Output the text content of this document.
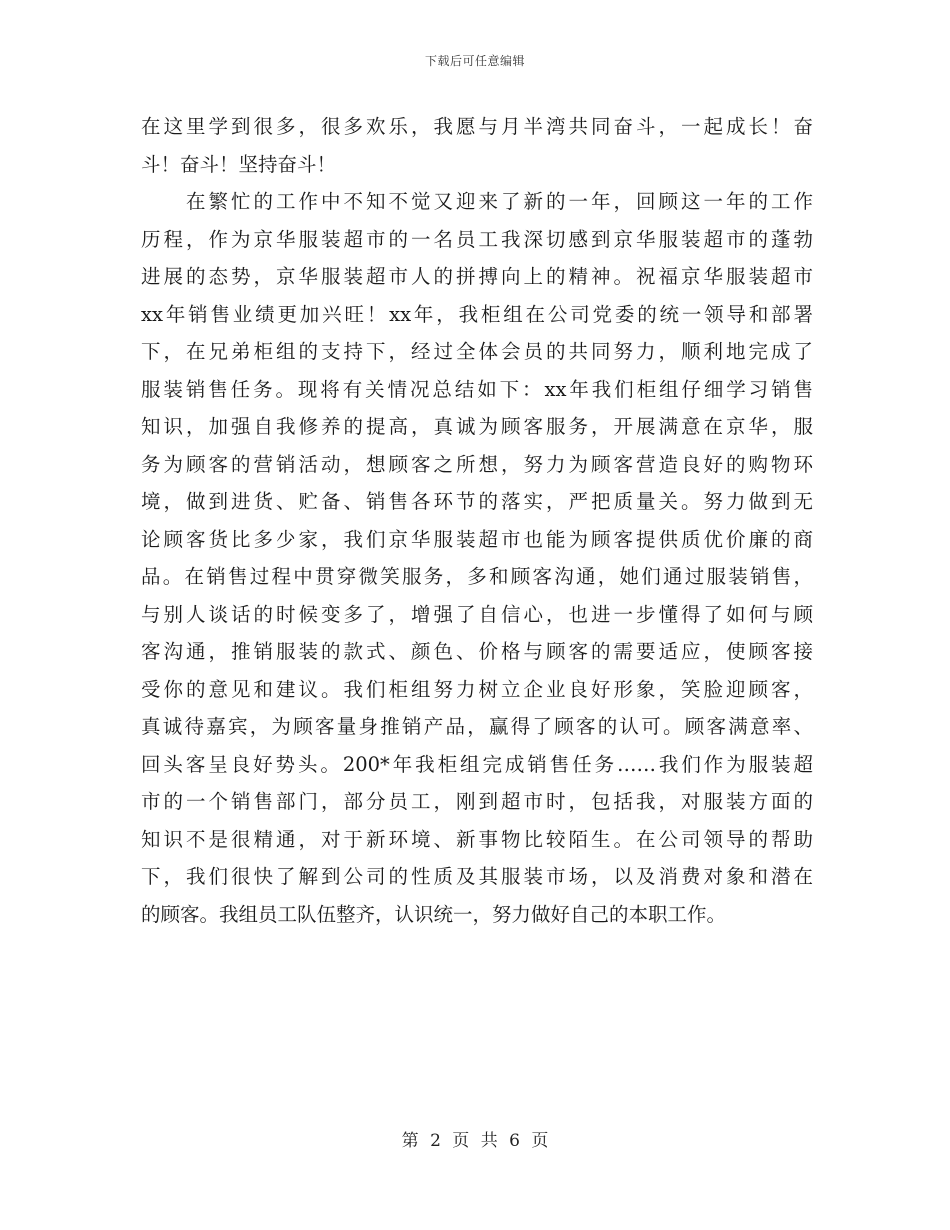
下载后可任意编辑
在这里学到很多，很多欢乐，我愿与月半湾共同奋斗，一起成长！奋
斗！奋斗！坚持奋斗！
　　在繁忙的工作中不知不觉又迎来了新的一年，回顾这一年的工作
历程，作为京华服装超市的一名员工我深切感到京华服装超市的蓬勃
进展的态势，京华服装超市人的拼搏向上的精神。祝福京华服装超市
xx年销售业绩更加兴旺！xx年，我柜组在公司党委的统一领导和部署
下，在兄弟柜组的支持下，经过全体会员的共同努力，顺利地完成了
服装销售任务。现将有关情况总结如下：xx年我们柜组仔细学习销售
知识，加强自我修养的提高，真诚为顾客服务，开展满意在京华，服
务为顾客的营销活动，想顾客之所想，努力为顾客营造良好的购物环
境，做到进货、贮备、销售各环节的落实，严把质量关。努力做到无
论顾客货比多少家，我们京华服装超市也能为顾客提供质优价廉的商
品。在销售过程中贯穿微笑服务，多和顾客沟通，她们通过服装销售，
与别人谈话的时候变多了，增强了自信心，也进一步懂得了如何与顾
客沟通，推销服装的款式、颜色、价格与顾客的需要适应，使顾客接
受你的意见和建议。我们柜组努力树立企业良好形象，笑脸迎顾客，
真诚待嘉宾，为顾客量身推销产品，赢得了顾客的认可。顾客满意率、
回头客呈良好势头。200*年我柜组完成销售任务……我们作为服装超
市的一个销售部门，部分员工，刚到超市时，包括我，对服装方面的
知识不是很精通，对于新环境、新事物比较陌生。在公司领导的帮助
下，我们很快了解到公司的性质及其服装市场，以及消费对象和潜在
的顾客。我组员工队伍整齐，认识统一，努力做好自己的本职工作。
第 2 页 共 6 页
